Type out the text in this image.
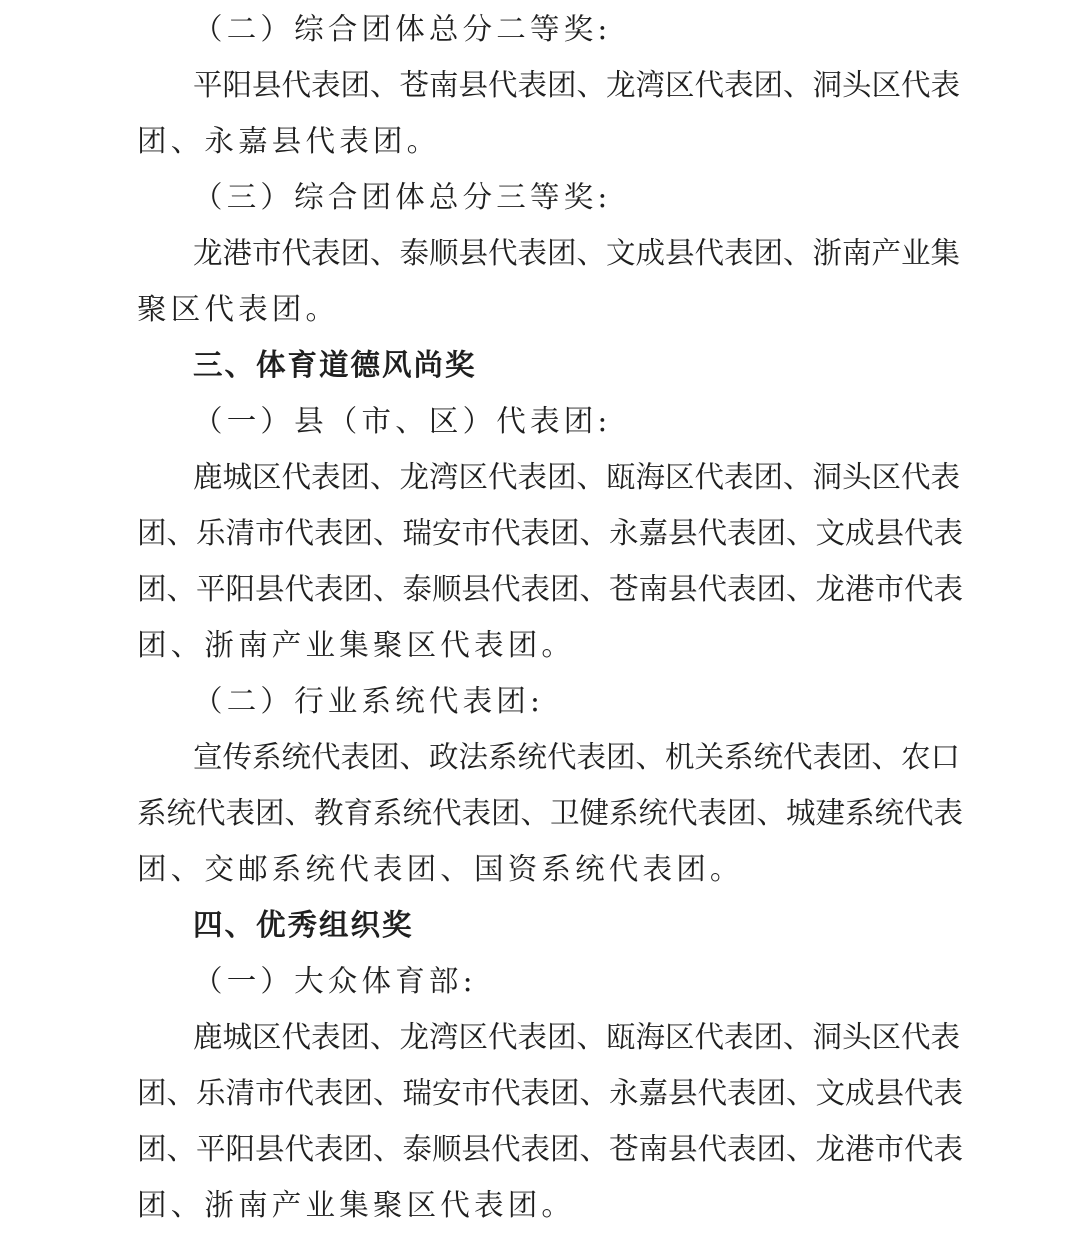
（二）综合团体总分二等奖:
平阳县代表团、苍南县代表团、龙湾区代表团、洞头区代表
团、永嘉县代表团。
（三）综合团体总分三等奖:
龙港市代表团、泰顺县代表团、文成县代表团、浙南产业集
聚区代表团。
三、体育道德风尚奖
（一）县（市、区）代表团:
鹿城区代表团、龙湾区代表团、瓯海区代表团、洞头区代表
团、乐清市代表团、瑞安市代表团、永嘉县代表团、文成县代表
团、平阳县代表团、泰顺县代表团、苍南县代表团、龙港市代表
团、浙南产业集聚区代表团。
（二）行业系统代表团:
宣传系统代表团、政法系统代表团、机关系统代表团、农口
系统代表团、教育系统代表团、卫健系统代表团、城建系统代表
团、交邮系统代表团、国资系统代表团。
四、优秀组织奖
（一）大众体育部:
鹿城区代表团、龙湾区代表团、瓯海区代表团、洞头区代表
团、乐清市代表团、瑞安市代表团、永嘉县代表团、文成县代表
团、平阳县代表团、泰顺县代表团、苍南县代表团、龙港市代表
团、浙南产业集聚区代表团。
